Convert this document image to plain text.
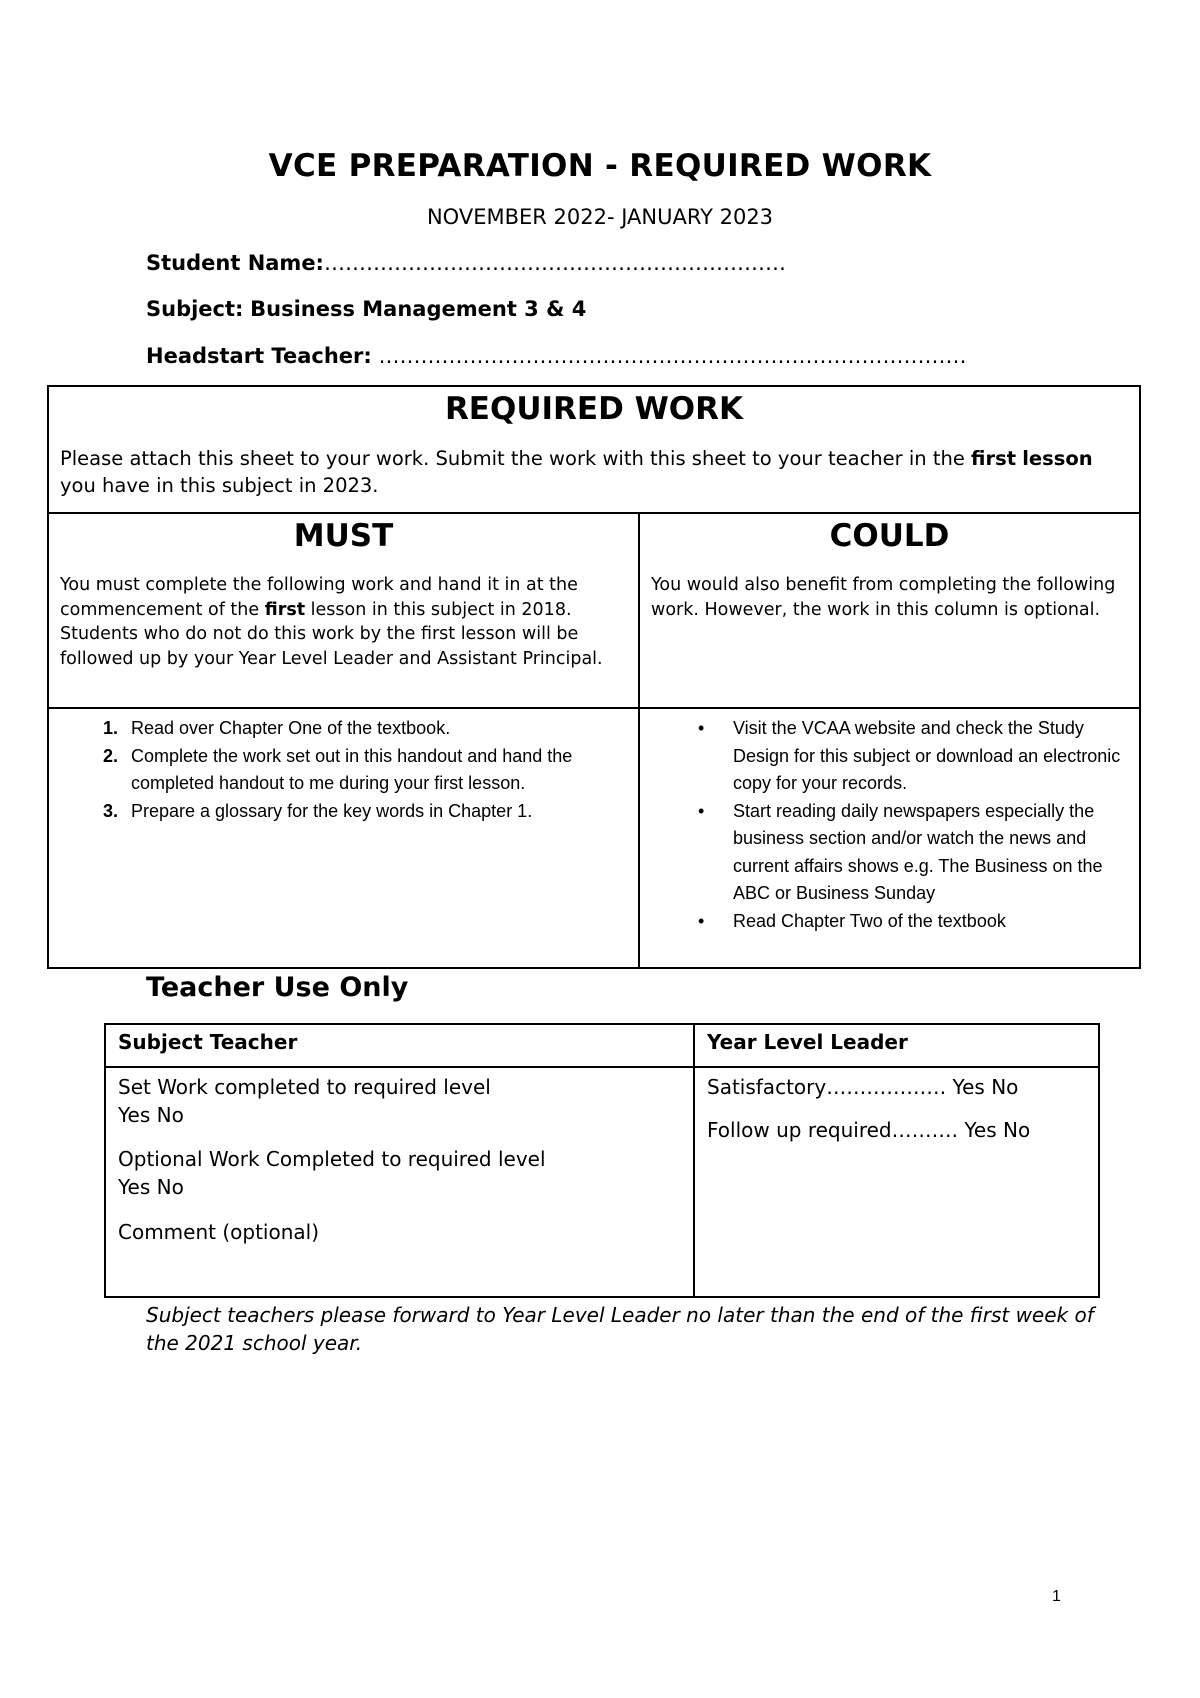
VCE PREPARATION - REQUIRED WORK
NOVEMBER 2022- JANUARY 2023
Student Name:…………………………………………………………
Subject: Business Management 3 & 4
Headstart Teacher: …………………………………………………………………………
REQUIRED WORK
Please attach this sheet to your work. Submit the work with this sheet to your teacher in the first lesson you have in this subject in 2023.
MUST	COULD
You must complete the following work and hand it in at the commencement of the first lesson in this subject in 2018. Students who do not do this work by the first lesson will be followed up by your Year Level Leader and Assistant Principal.
You would also benefit from completing the following work. However, the work in this column is optional.
1. Read over Chapter One of the textbook.
2. Complete the work set out in this handout and hand the completed handout to me during your first lesson.
3. Prepare a glossary for the key words in Chapter 1.
• Visit the VCAA website and check the Study Design for this subject or download an electronic copy for your records.
• Start reading daily newspapers especially the business section and/or watch the news and current affairs shows e.g. The Business on the ABC or Business Sunday
• Read Chapter Two of the textbook
Teacher Use Only
Subject Teacher	Year Level Leader
Set Work completed to required level
Yes No
Optional Work Completed to required level
Yes No
Comment (optional)
Satisfactory……………… Yes No
Follow up required………. Yes No
Subject teachers please forward to Year Level Leader no later than the end of the first week of the 2021 school year.
1
